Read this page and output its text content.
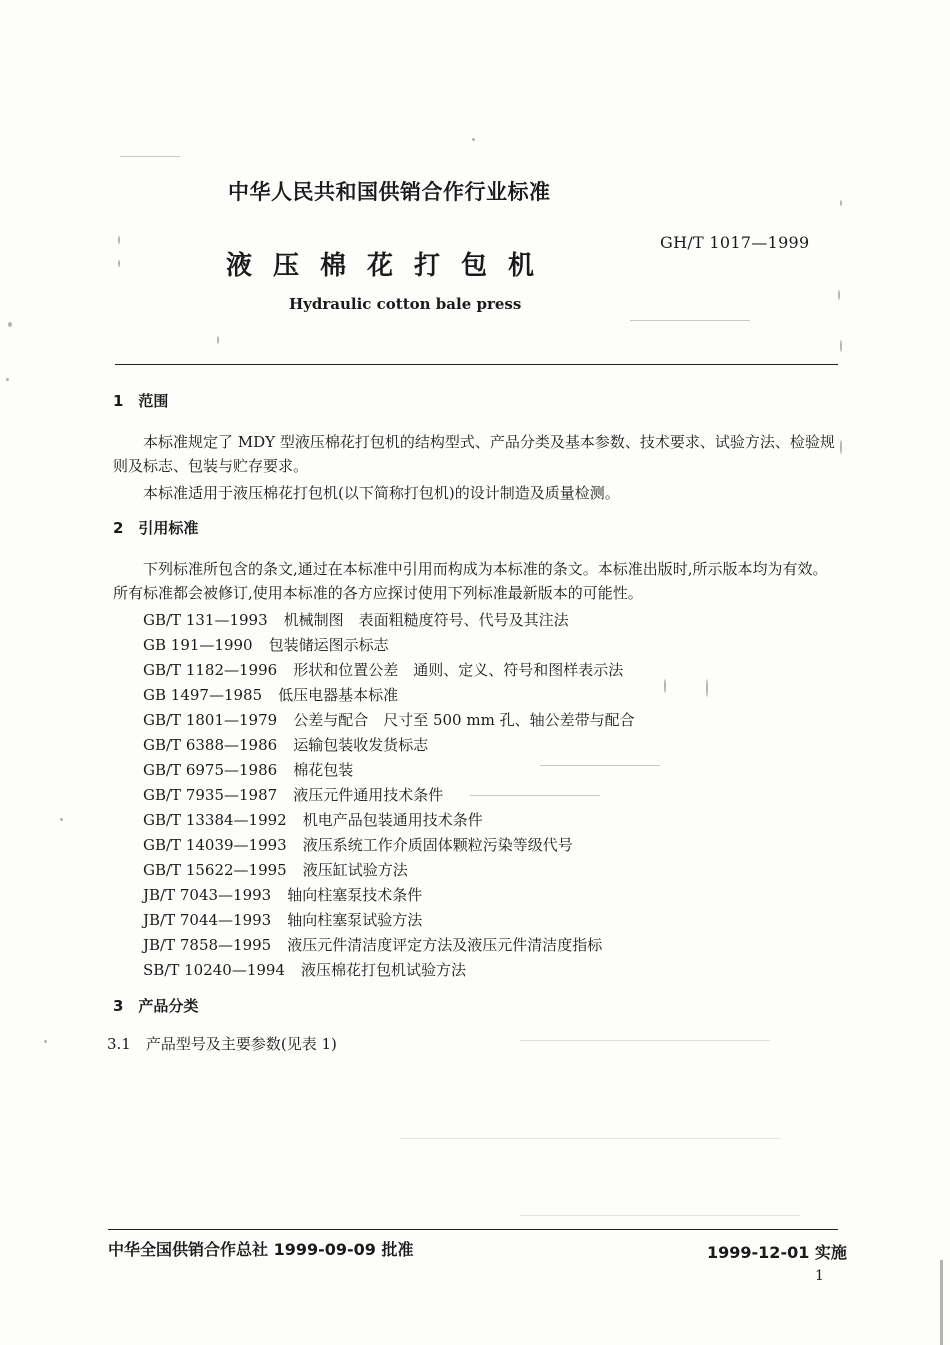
中华人民共和国供销合作行业标准
GH/T 1017—1999
液压棉花打包机
Hydraulic cotton bale press
1　范围
本标准规定了 MDY 型液压棉花打包机的结构型式、产品分类及基本参数、技术要求、试验方法、检验规则及标志、包装与贮存要求。
本标准适用于液压棉花打包机(以下简称打包机)的设计制造及质量检测。
2　引用标准
下列标准所包含的条文,通过在本标准中引用而构成为本标准的条文。本标准出版时,所示版本均为有效。所有标准都会被修订,使用本标准的各方应探讨使用下列标准最新版本的可能性。
GB/T 131—1993　 机械制图　表面粗糙度符号、代号及其注法
GB 191—1990　 包装储运图示标志
GB/T 1182—1996　 形状和位置公差　通则、定义、符号和图样表示法
GB 1497—1985　 低压电器基本标准
GB/T 1801—1979　 公差与配合　尺寸至 500 mm 孔、轴公差带与配合
GB/T 6388—1986　 运输包装收发货标志
GB/T 6975—1986　 棉花包装
GB/T 7935—1987　 液压元件通用技术条件
GB/T 13384—1992　 机电产品包装通用技术条件
GB/T 14039—1993　 液压系统工作介质固体颗粒污染等级代号
GB/T 15622—1995　 液压缸试验方法
JB/T 7043—1993　 轴向柱塞泵技术条件
JB/T 7044—1993　 轴向柱塞泵试验方法
JB/T 7858—1995　 液压元件清洁度评定方法及液压元件清洁度指标
SB/T 10240—1994　 液压棉花打包机试验方法
3　产品分类
3.1　产品型号及主要参数(见表 1)
中华全国供销合作总社 1999-09-09 批准	1999-12-01 实施
1
